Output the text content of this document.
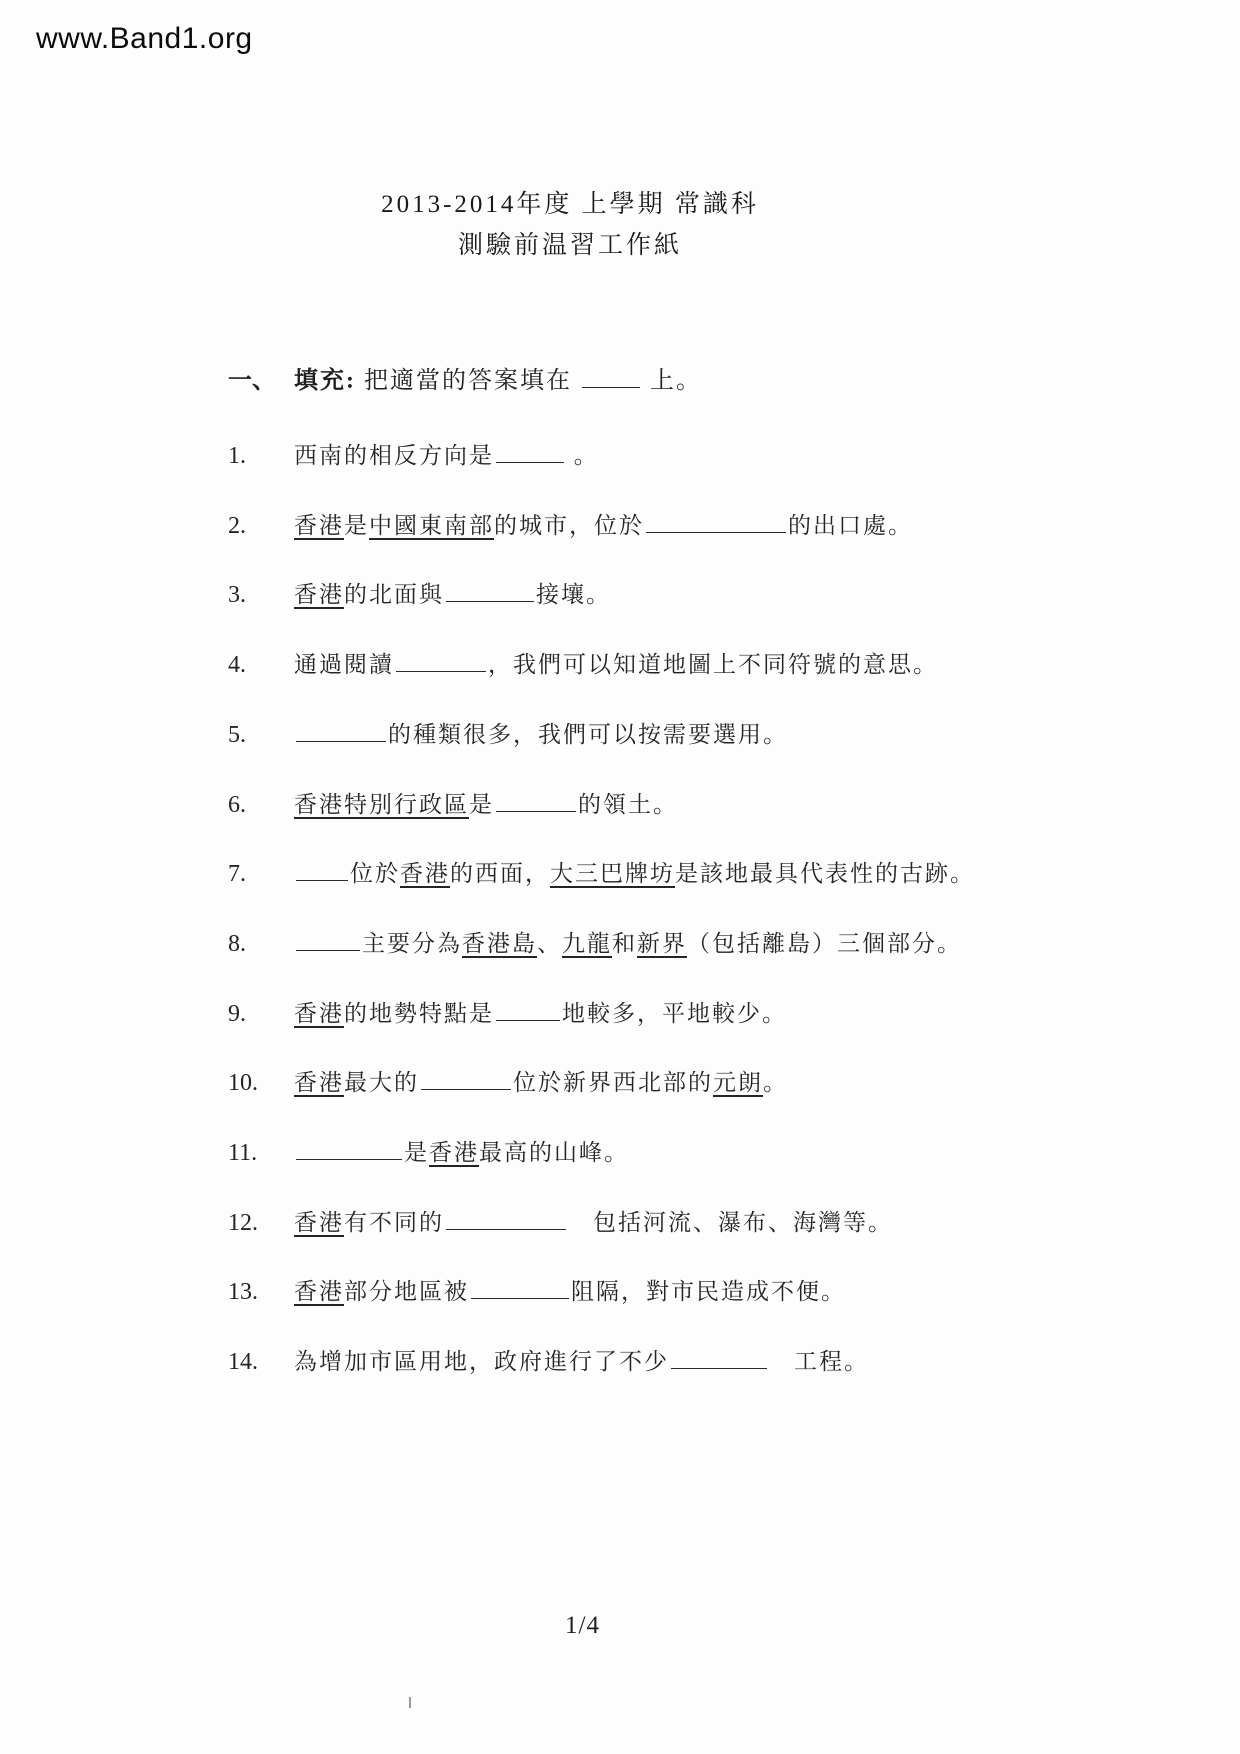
www.Band1.org
2013-2014年度 上學期 常識科
測驗前温習工作紙
一、 填充: 把適當的答案填在	上。
1. 西南的相反方向是	。
2. 香港是中國東南部的城市，位於	的出口處。
3. 香港的北面與	接壤。
4. 通過閱讀	，我們可以知道地圖上不同符號的意思。
5.	的種類很多，我們可以按需要選用。
6. 香港特別行政區是	的領土。
7.	位於香港的西面，大三巴牌坊是該地最具代表性的古跡。
8.	主要分為香港島、九龍和新界（包括離島）三個部分。
9. 香港的地勢特點是	地較多，平地較少。
10. 香港最大的	位於新界西北部的元朗。
11.	是香港最高的山峰。
12. 香港有不同的	　包括河流、瀑布、海灣等。
13. 香港部分地區被	阻隔，對市民造成不便。
14. 為增加市區用地，政府進行了不少	　工程。
1/4
